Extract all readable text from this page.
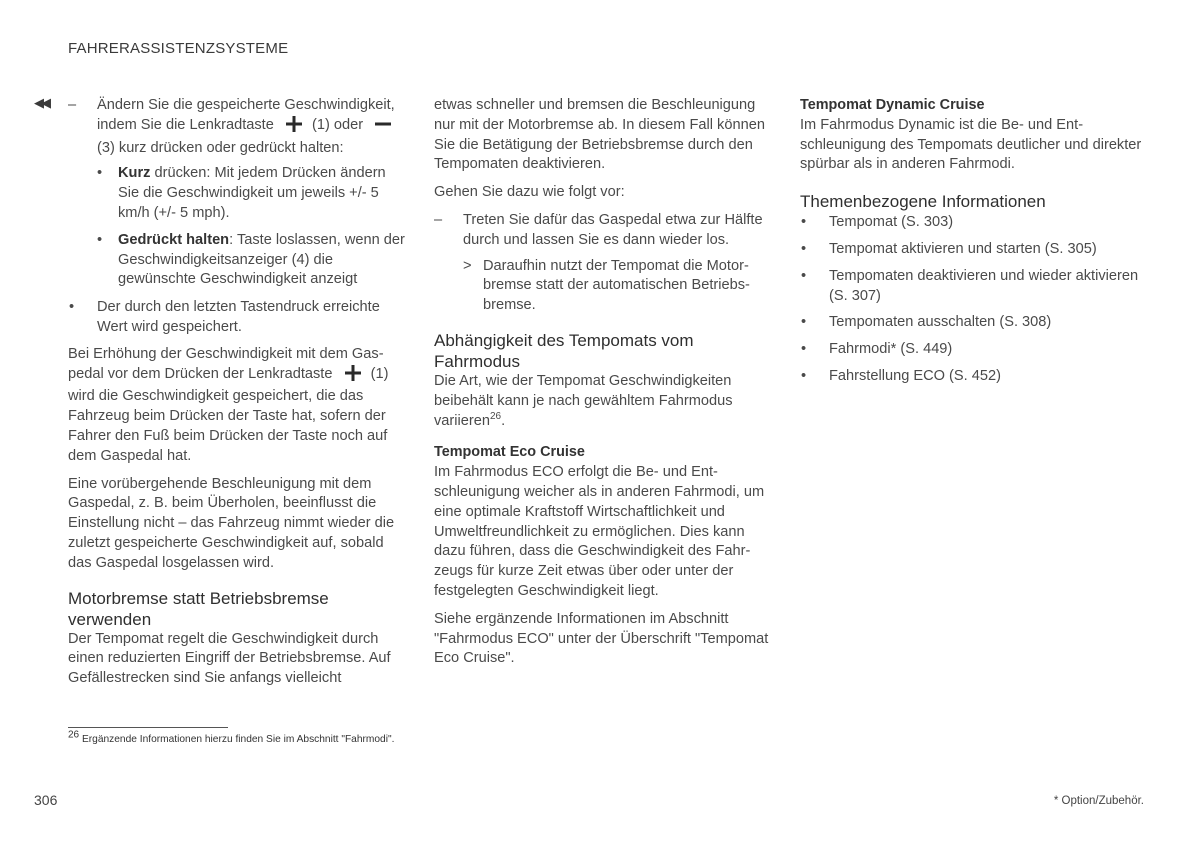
FAHRERASSISTENZSYSTEME
◀◀ – Ändern Sie die gespeicherte Geschwindigkeit, indem Sie die Lenkradtaste	(1) oder  (3) kurz drücken oder gedrückt halten:
• Kurz drücken: Mit jedem Drücken ändern Sie die Geschwindigkeit um jeweils +/- 5 km/h (+/- 5 mph).
• Gedrückt halten: Taste loslassen, wenn der Geschwindigkeitsanzeiger (4) die gewünschte Geschwindigkeit anzeigt
• Der durch den letzten Tastendruck erreichte Wert wird gespeichert.

Bei Erhöhung der Geschwindigkeit mit dem Gaspedal vor dem Drücken der Lenkradtaste	(1) wird die Geschwindigkeit gespeichert, die das Fahrzeug beim Drücken der Taste hat, sofern der Fahrer den Fuß beim Drücken der Taste noch auf dem Gaspedal hat.

Eine vorübergehende Beschleunigung mit dem Gaspedal, z. B. beim Überholen, beeinflusst die Einstellung nicht – das Fahrzeug nimmt wieder die zuletzt gespeicherte Geschwindigkeit auf, sobald das Gaspedal losgelassen wird.

Motorbremse statt Betriebsbremse verwenden

Der Tempomat regelt die Geschwindigkeit durch einen reduzierten Eingriff der Betriebsbremse. Auf Gefällestrecken sind Sie anfangs vielleicht

etwas schneller und bremsen die Beschleunigung nur mit der Motorbremse ab. In diesem Fall können Sie die Betätigung der Betriebsbremse durch den Tempomaten deaktivieren.

Gehen Sie dazu wie folgt vor:

– Treten Sie dafür das Gaspedal etwa zur Hälfte durch und lassen Sie es dann wieder los.
> Daraufhin nutzt der Tempomat die Motorbremse statt der automatischen Betriebsbremse.
Abhängigkeit des Tempomats vom Fahrmodus

Die Art, wie der Tempomat Geschwindigkeiten beibehält kann je nach gewähltem Fahrmodus variieren$^{26}$.

Tempomat Eco Cruise

Im Fahrmodus ECO erfolgt die Be- und Entschleunigung weicher als in anderen Fahrmodi, um eine optimale Kraftstoff Wirtschaftlichkeit und Umweltfreundlichkeit zu ermöglichen. Dies kann dazu führen, dass die Geschwindigkeit des Fahrzeugs für kurze Zeit etwas über oder unter der festgelegten Geschwindigkeit liegt.

Siehe ergänzende Informationen im Abschnitt "Fahrmodus ECO" unter der Überschrift "Tempomat Eco Cruise".

Tempomat Dynamic Cruise

Im Fahrmodus Dynamic ist die Be- und Entschleunigung des Tempomats deutlicher und direkter spürbar als in anderen Fahrmodi.

Themenbezogene Informationen
• Tempomat (S. 303)
• Tempomat aktivieren und starten (S. 305)
• Tempomaten deaktivieren und wieder aktivieren (S. 307)
• Tempomaten ausschalten (S. 308)
• Fahrmodi* (S. 449)
• Fahrstellung ECO (S. 452)
$^{26}$ Ergänzende Informationen hierzu finden Sie im Abschnitt "Fahrmodi".
306	* Option/Zubehör.
